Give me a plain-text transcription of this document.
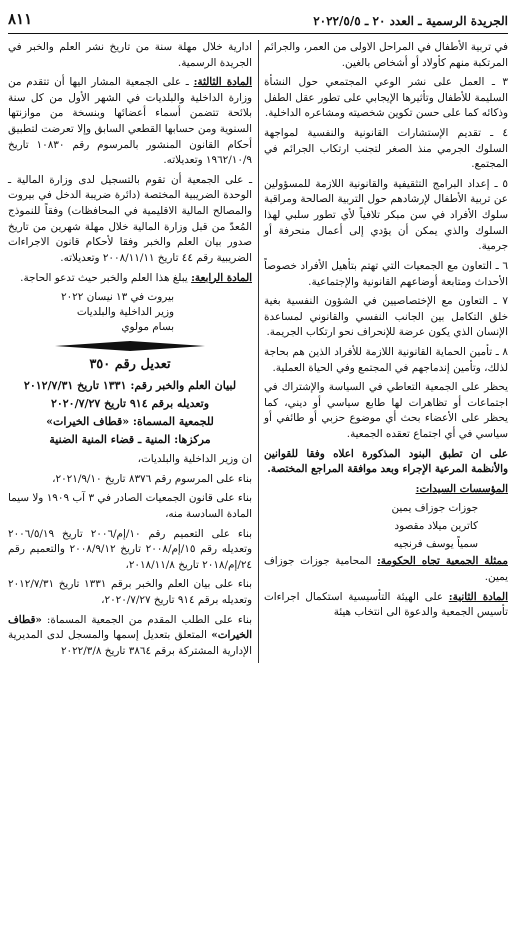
الجريدة الرسمية ـ العدد ٢٠ ـ ٢٠٢٢/٥/٥
٨١١

في تربية الأطفال في المراحل الاولى من العمر، والجرائم المرتكبة منهم كأولاد أو أشخاص بالغين.

٣ ـ العمل على نشر الوعي المجتمعي حول النشأة السليمة للأطفال وتأثيرها الإيجابي على تطور عقل الطفل وذكائه كما على حسن تكوين شخصيته ومشاعره الداخلية.

٤ ـ تقديم الإستشارات القانونية والنفسية لمواجهة السلوك الجرمي منذ الصغر لتجنب ارتكاب الجرائم في المجتمع.

٥ ـ إعداد البرامج التثقيفية والقانونية اللازمة للمسؤولين عن تربية الأطفال لإرشادهم حول التربية الصالحة ومراقبة سلوك الأفراد في سن مبكر تلافياً لأي تطور سلبي لهذا السلوك والذي يمكن أن يؤدي إلى أعمال منحرفة أو جرمية.

٦ ـ التعاون مع الجمعيات التي تهتم بتأهيل الأفراد خصوصاً الأحداث ومتابعة أوضاعهم القانونية والإجتماعية.

٧ ـ التعاون مع الإختصاصيين في الشؤون النفسية بغية خلق التكامل بين الجانب النفسي والقانوني لمساعدة الإنسان الذي يكون عرضة للإنحراف نحو ارتكاب الجريمة.

٨ ـ تأمين الحماية القانونية اللازمة للأفراد الذين هم بحاجة لذلك، وتأمين إندماجهم في المجتمع وفي الحياة العملية.

يحظر على الجمعية التعاطي في السياسة والإشتراك في اجتماعات أو تظاهرات لها طابع سياسي أو ديني، كما يحظر على الأعضاء بحث أي موضوع حزبي أو طائفي أو سياسي في أي اجتماع تعقده الجمعية.

على ان تطبق البنود المذكورة اعلاه وفقا للقوانين والأنظمة المرعية الإجراء وبعد موافقة المراجع المختصة.

المؤسسات السيدات:

جوزات جوزاف يمين
كاترين ميلاد مقصود
سمياً يوسف فرنجيه

ممثلة الجمعية تجاه الحكومة: المحامية جوزات جوزاف يمين.

المادة الثانية: على الهيئة التأسيسية استكمال اجراءات تأسيس الجمعية والدعوة الى انتخاب هيئة

ادارية خلال مهلة سنة من تاريخ نشر العلم والخبر في الجريدة الرسمية.

المادة الثالثة: ـ على الجمعية المشار اليها أن تتقدم من وزارة الداخلية والبلديات في الشهر الأول من كل سنة بلائحة تتضمن أسماء أعضائها وبنسخة من موازنتها السنوية ومن حسابها القطعي السابق وإلا تعرضت لتطبيق أحكام القانون المنشور بالمرسوم رقم ١٠٨٣٠ تاريخ ١٩٦٢/١٠/٩ وتعديلاته.

ـ على الجمعية أن تقوم بالتسجيل لدى وزارة المالية ـ الوحدة الضريبية المختصة (دائرة ضريبة الدخل في بيروت والمصالح المالية الاقليمية في المحافظات) وفقاً للنموذج المُعدّ من قبل وزارة المالية خلال مهلة شهرين من تاريخ صدور بيان العلم والخبر وفقا لأحكام قانون الاجراءات الضريبية رقم ٤٤ تاريخ ٢٠٠٨/١١/١١ وتعديلاته.

المادة الرابعة: يبلغ هذا العلم والخبر حيث تدعو الحاجة.

بيروت في ١٣ نيسان ٢٠٢٢

وزير الداخلية والبلديات

بسام مولوي

تعديل رقم ٣٥٠
لبيان العلم والخبر رقم: ١٣٣١ تاريخ ٢٠١٢/٧/٣١
وتعديله برقم ٩١٤ تاريخ ٢٠٢٠/٧/٢٧
للجمعية المسماة: «قطاف الخيرات»
مركزها: المنية ـ قضاء المنية الضنية

ان وزير الداخلية والبلديات،

بناء على المرسوم رقم ٨٣٧٦ تاريخ ٢٠٢١/٩/١٠،

بناء على قانون الجمعيات الصادر في ٣ آب ١٩٠٩ ولا سيما المادة السادسة منه،

بناء على التعميم رقم ١٠/إم/٢٠٠٦ تاريخ ٢٠٠٦/٥/١٩ وتعديله رقم ١٥/إم/٢٠٠٨ تاريخ ٢٠٠٨/٩/١٢ والتعميم رقم ٢٤/إم/٢٠١٨ تاريخ ٢٠١٨/١١/٨،

بناء على بيان العلم والخبر برقم ١٣٣١ تاريخ ٢٠١٢/٧/٣١ وتعديله برقم ٩١٤ تاريخ ٢٠٢٠/٧/٢٧،

بناء على الطلب المقدم من الجمعية المسماة: «قطاف الخيرات» المتعلق بتعديل إسمها والمسجل لدى المديرية الإدارية المشتركة برقم ٣٨٦٤ تاريخ ٢٠٢٢/٣/٨
